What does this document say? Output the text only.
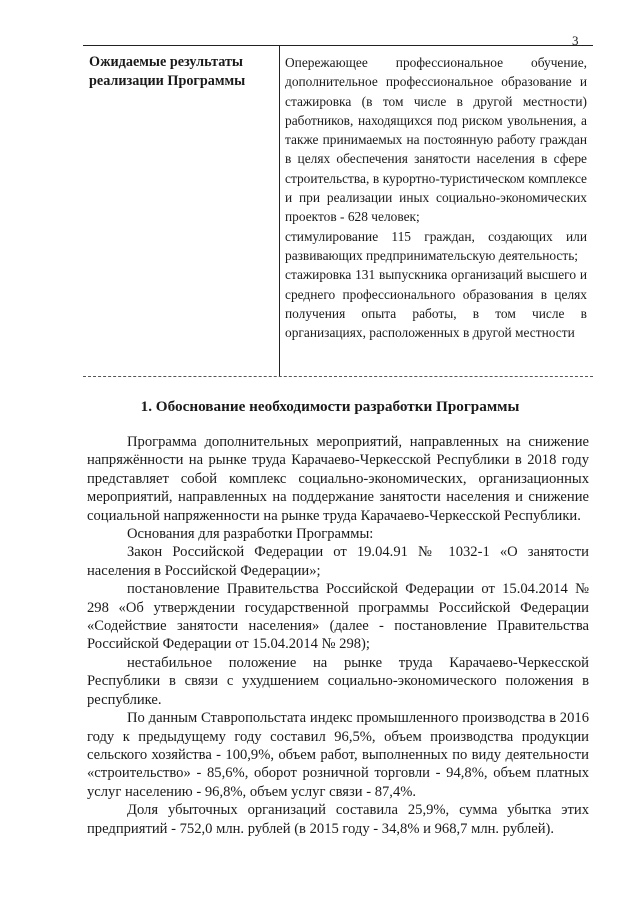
3
Ожидаемые результаты реализации Программы

Опережающее профессиональное обучение, дополнительное профессиональное образование и стажировка (в том числе в другой местности) работников, находящихся под риском увольнения, а также принимаемых на постоянную работу граждан в целях обеспечения занятости населения в сфере строительства, в курортно-туристическом комплексе и при реализации иных социально-экономических проектов - 628 человек;

стимулирование 115 граждан, создающих или развивающих предпринимательскую деятельность;

стажировка 131 выпускника организаций высшего и среднего профессионального образования в целях получения опыта работы, в том числе в организациях, расположенных в другой местности

1. Обоснование необходимости разработки Программы

Программа дополнительных мероприятий, направленных на снижение напряжённости на рынке труда Карачаево-Черкесской Республики в 2018 году представляет собой комплекс социально-экономических, организационных мероприятий, направленных на поддержание занятости населения и снижение социальной напряженности на рынке труда Карачаево-Черкесской Республики.

Основания для разработки Программы:

Закон Российской Федерации от 19.04.91 № 1032-1 «О занятости населения в Российской Федерации»;

постановление Правительства Российской Федерации от 15.04.2014 № 298 «Об утверждении государственной программы Российской Федерации «Содействие занятости населения» (далее - постановление Правительства Российской Федерации от 15.04.2014 № 298);

нестабильное положение на рынке труда Карачаево-Черкесской Республики в связи с ухудшением социально-экономического положения в республике.

По данным Ставропольстата индекс промышленного производства в 2016 году к предыдущему году составил 96,5%, объем производства продукции сельского хозяйства - 100,9%, объем работ, выполненных по виду деятельности «строительство» - 85,6%, оборот розничной торговли - 94,8%, объем платных услуг населению - 96,8%, объем услуг связи - 87,4%.

Доля убыточных организаций составила 25,9%, сумма убытка этих предприятий - 752,0 млн. рублей (в 2015 году - 34,8% и 968,7 млн. рублей).
